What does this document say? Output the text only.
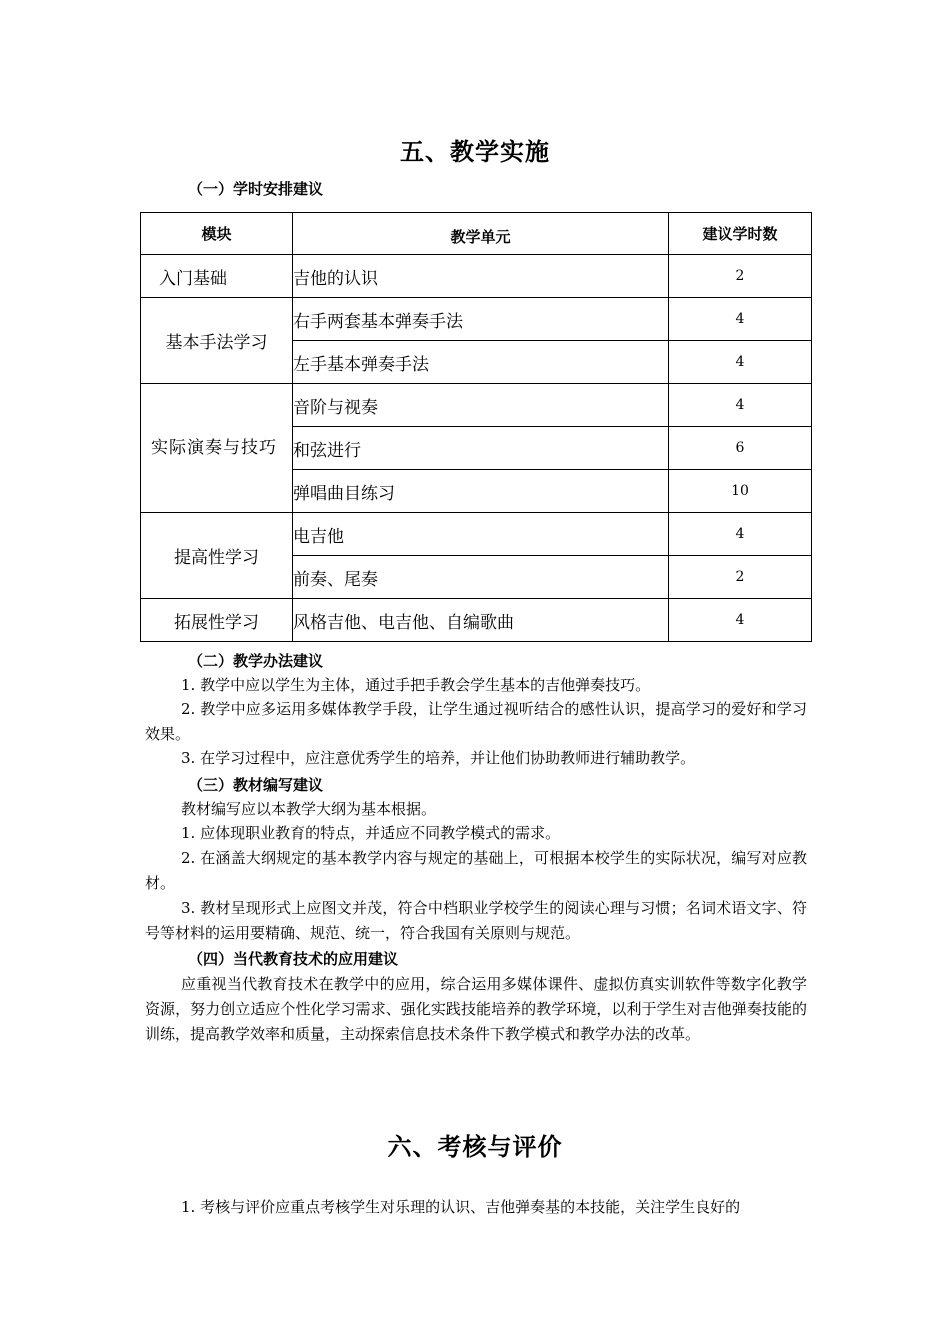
五、教学实施
（一）学时安排建议
模块	教学单元	建议学时数
入门基础	吉他的认识	2
基本手法学习	右手两套基本弹奏手法	4
	左手基本弹奏手法	4

实际演奏与技巧	音阶与视奏	4
	和弦进行	6
	弹唱曲目练习	10
提高性学习	电吉他	4
	前奏、尾奏	2
拓展性学习	风格吉他、电吉他、自编歌曲	4
（二）教学办法建议

1. 教学中应以学生为主体，通过手把手教会学生基本的吉他弹奏技巧。

2. 教学中应多运用多媒体教学手段，让学生通过视听结合的感性认识，提高学习的爱好和学习效果。

3. 在学习过程中，应注意优秀学生的培养，并让他们协助教师进行辅助教学。

（三）教材编写建议

教材编写应以本教学大纲为基本根据。

1. 应体现职业教育的特点，并适应不同教学模式的需求。

2. 在涵盖大纲规定的基本教学内容与规定的基础上，可根据本校学生的实际状况，编写对应教材。

3. 教材呈现形式上应图文并茂，符合中档职业学校学生的阅读心理与习惯；名词术语文字、符号等材料的运用要精确、规范、统一，符合我国有关原则与规范。

（四）当代教育技术的应用建议

应重视当代教育技术在教学中的应用，综合运用多媒体课件、虚拟仿真实训软件等数字化教学资源，努力创立适应个性化学习需求、强化实践技能培养的教学环境，以利于学生对吉他弹奏技能的训练，提高教学效率和质量，主动探索信息技术条件下教学模式和教学办法的改革。

六、考核与评价

1. 考核与评价应重点考核学生对乐理的认识、吉他弹奏基的本技能，关注学生良好的
